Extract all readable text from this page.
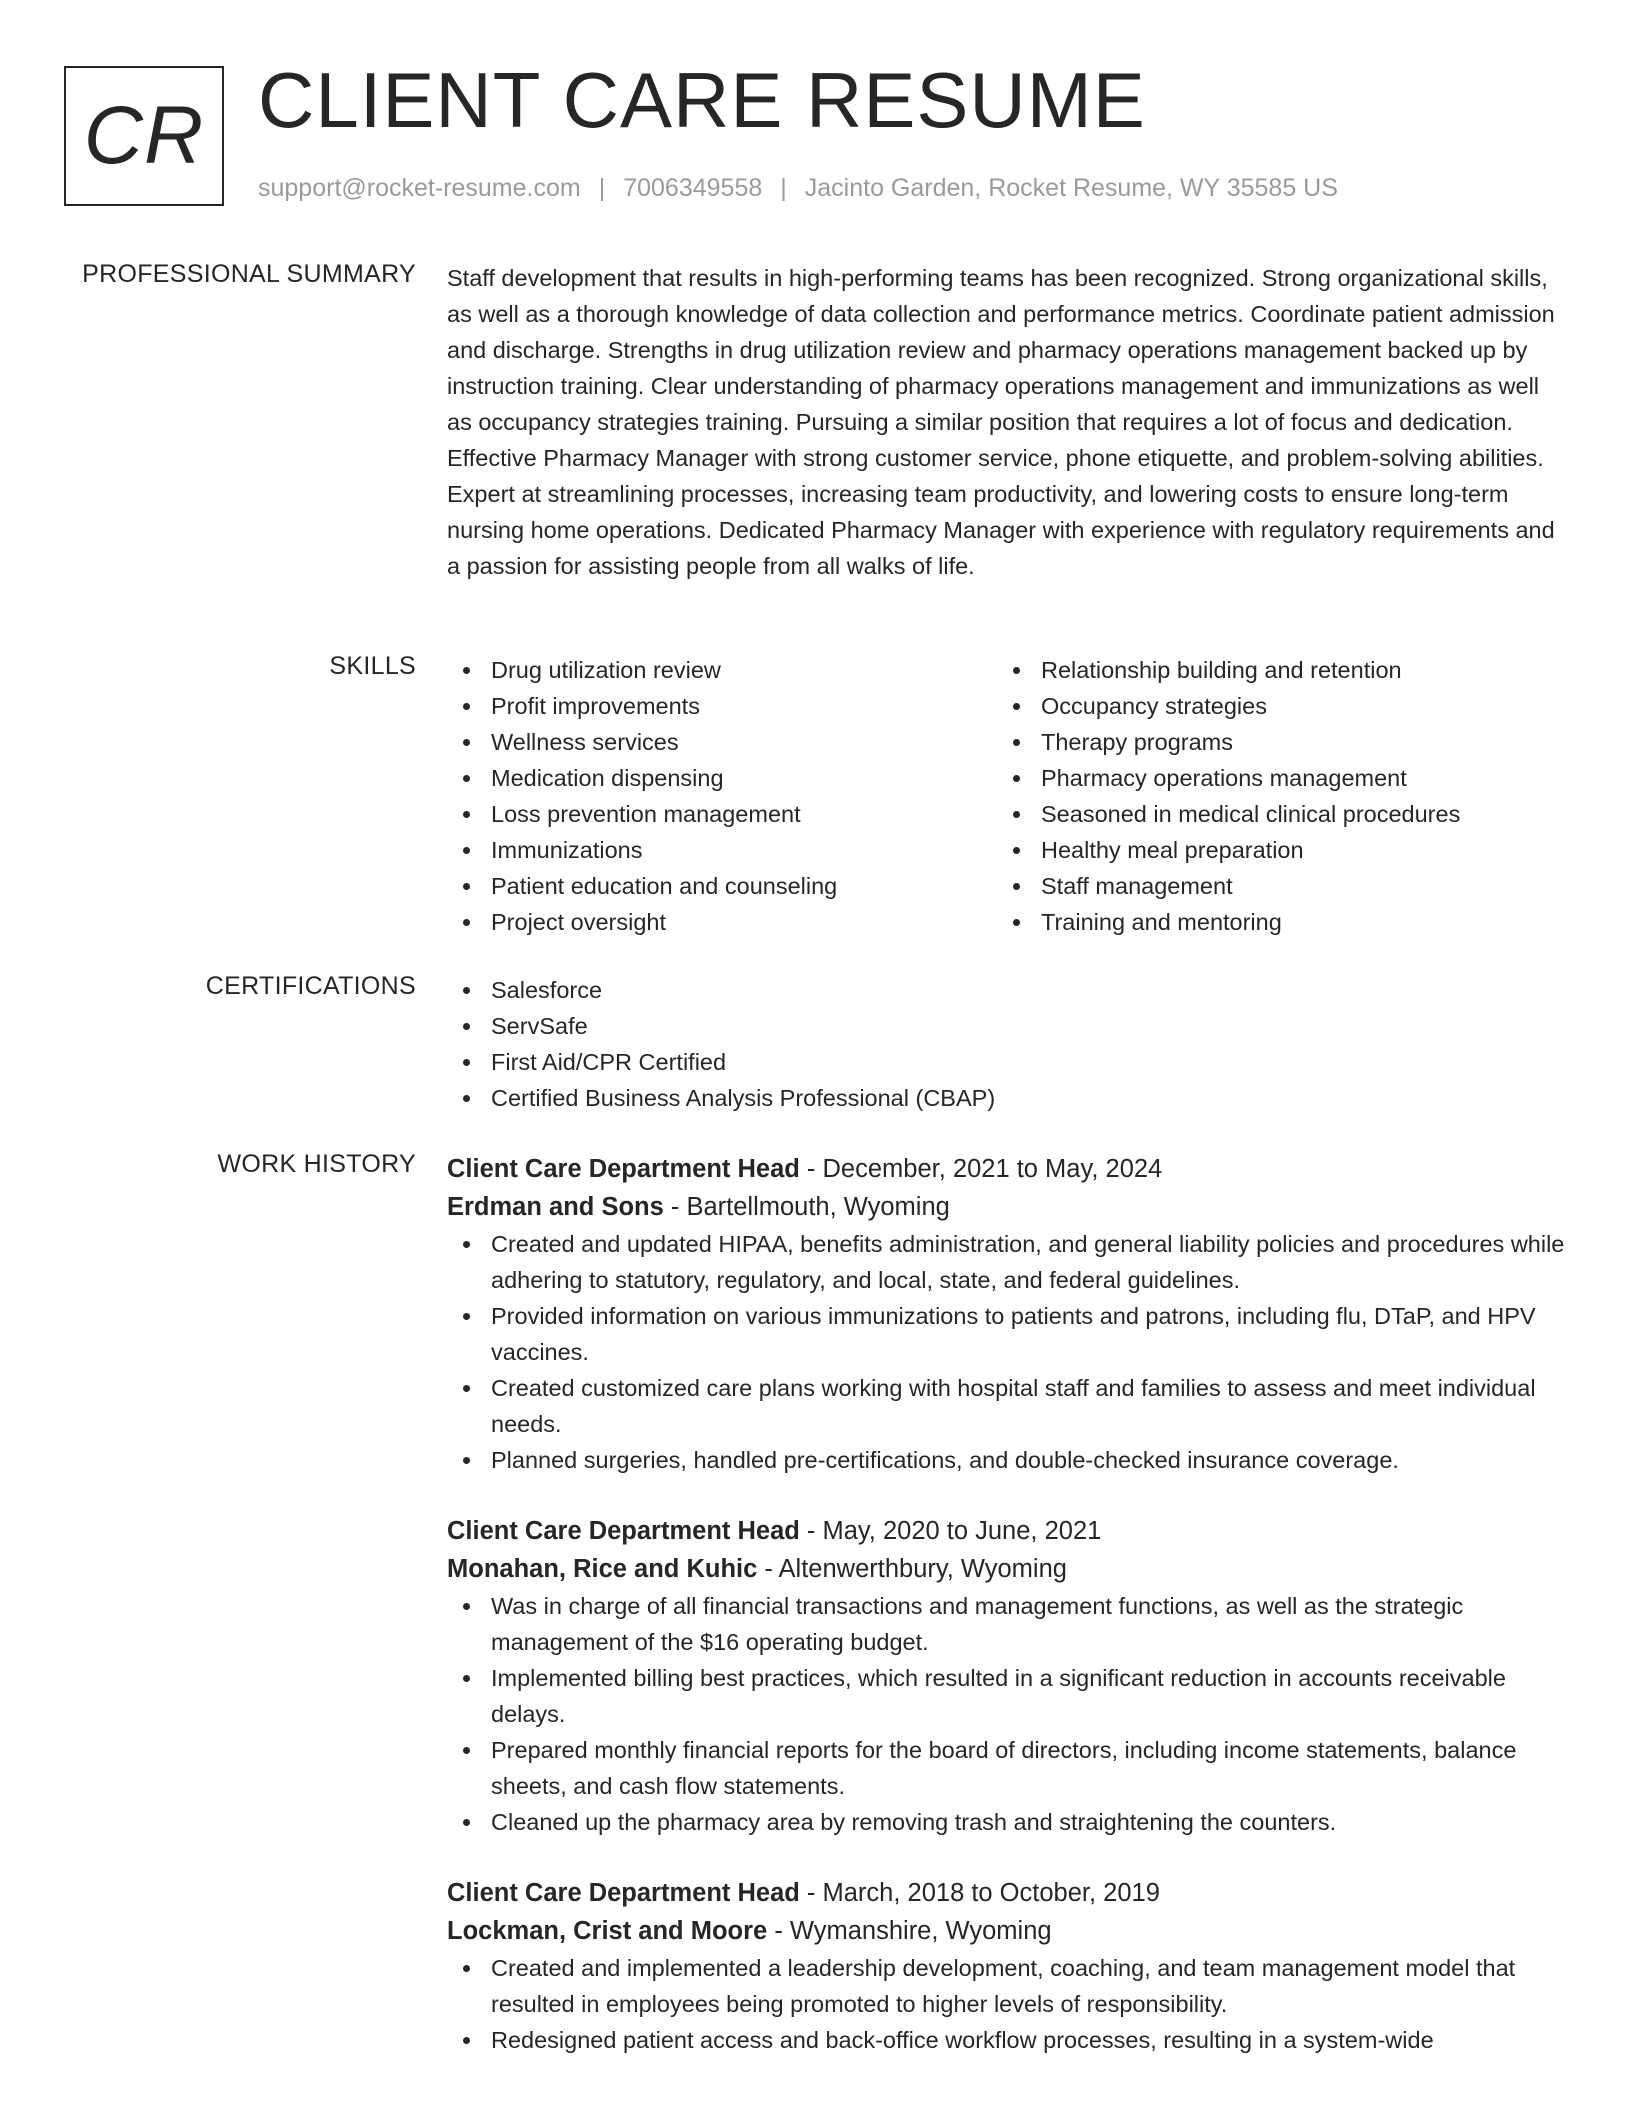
CR CLIENT CARE RESUME
support@rocket-resume.com | 7006349558 | Jacinto Garden, Rocket Resume, WY 35585 US
PROFESSIONAL SUMMARY Staff development that results in high-performing teams has been recognized. Strong organizational skills, as well as a thorough knowledge of data collection and performance metrics. Coordinate patient admission and discharge. Strengths in drug utilization review and pharmacy operations management backed up by instruction training. Clear understanding of pharmacy operations management and immunizations as well as occupancy strategies training. Pursuing a similar position that requires a lot of focus and dedication. Effective Pharmacy Manager with strong customer service, phone etiquette, and problem-solving abilities. Expert at streamlining processes, increasing team productivity, and lowering costs to ensure long-term nursing home operations. Dedicated Pharmacy Manager with experience with regulatory requirements and a passion for assisting people from all walks of life.

SKILLS	Drug utilization review
Profit improvements
Wellness services
Medication dispensing
Loss prevention management
Immunizations
Patient education and counseling
Project oversight
Relationship building and retention
Occupancy strategies
Therapy programs
Pharmacy operations management
Seasoned in medical clinical procedures
Healthy meal preparation
Staff management
Training and mentoring
CERTIFICATIONS	Salesforce
ServSafe
First Aid/CPR Certified
Certified Business Analysis Professional (CBAP)
WORK HISTORY Client Care Department Head - December, 2021 to May, 2024
Erdman and Sons - Bartellmouth, Wyoming
Created and updated HIPAA, benefits administration, and general liability policies and procedures while adhering to statutory, regulatory, and local, state, and federal guidelines.
Provided information on various immunizations to patients and patrons, including flu, DTaP, and HPV vaccines.
Created customized care plans working with hospital staff and families to assess and meet individual needs.
Planned surgeries, handled pre-certifications, and double-checked insurance coverage.
Client Care Department Head - May, 2020 to June, 2021
Monahan, Rice and Kuhic - Altenwerthbury, Wyoming
Was in charge of all financial transactions and management functions, as well as the strategic management of the $16 operating budget.
Implemented billing best practices, which resulted in a significant reduction in accounts receivable delays.
Prepared monthly financial reports for the board of directors, including income statements, balance sheets, and cash flow statements.
Cleaned up the pharmacy area by removing trash and straightening the counters.
Client Care Department Head - March, 2018 to October, 2019
Lockman, Crist and Moore - Wymanshire, Wyoming
Created and implemented a leadership development, coaching, and team management model that resulted in employees being promoted to higher levels of responsibility.
Redesigned patient access and back-office workflow processes, resulting in a system-wide
